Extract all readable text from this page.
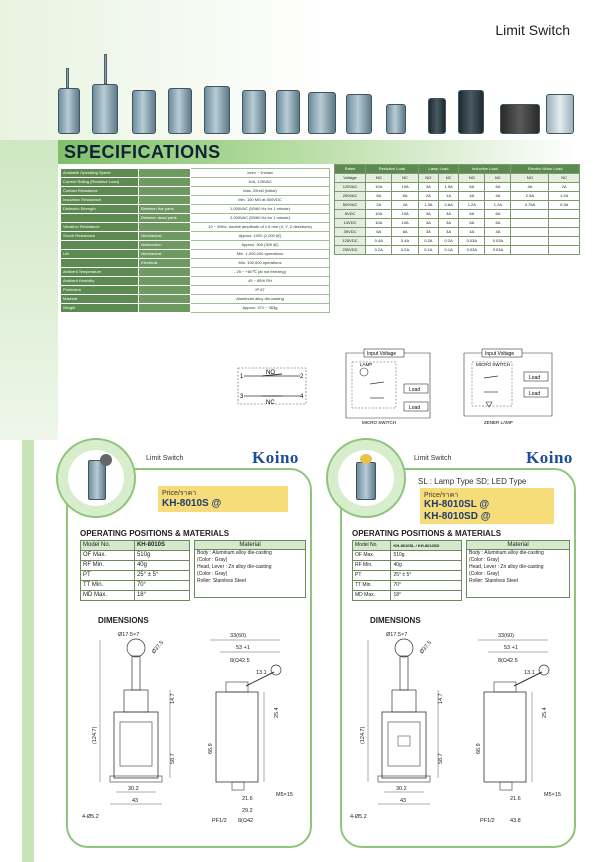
Limit Switch
SPECIFICATIONS
Available Operating Speed		1mm ~ 1m/sec
Current Rating (Resistive Load)		10A, 125VAC
Contact Resistance		Max. 25mΩ (initial)
Insulation Resistance		Min. 100 MΩ at 500VDC
Dielectric Strength	Between live parts	1,000VAC (50/60 Hz for 1 minute)
	Between dead parts	2,000VAC (50/60 Hz for 1 minute)
Vibration Resistance		10 ~ 55Hz, double amplitude of 1.5 mm (X, Y, Z directions)
Shock Resistance	Mechanical	Approx. 1000 (1,000 ㎨)
	Malfunction	Approx. 300 (300 ㎨)
Life	Mechanical	Min. 1,000,000 operations
	Electrical	Min. 100,000 operations
Ambient Temperature		- 25 ~ +80℃ (at not freezing)
Ambient Humidity		45 ~ 85% RH
Protection		IP 67
Material		Aluminum alloy die-casting
Weight		Approx. 371 ~ 363g
Rated	Resistive Load		Lamp Load		Inductive Load		Electric Motor Load	
Voltage	NO	NC	NO	NC	NO	NC	NO	NC
125VAC	10A	10A	3A	1.5A	6A	6A	4A	2A
250VAC	6A	6A	2A	1A	4A	4A	2.5A	1.2A
500VAC	2A	2A	1.3A	0.6A	1.2A	1.2A	0.75A	0.3A
8VDC	10A	10A	3A	3A	6A	6A		
14VDC	10A	10A	3A	3A	6A	6A		
30VDC	6A	6A	3A	3A	4A	4A		
125VDC	0.4A	0.4A	0.2A	0.2A	0.03A	0.03A		
250VDC	0.2A	0.2A	0.1A	0.1A	0.03A	0.03A		
NO
NC
1	2
3	4
Input Voltage
LAMP
Load
Load
MICRO SWITCH
Input Voltage
MICRO SWITCH
Load
Load
ZENER LAMP
Limit Switch	Koino
Price/ราคา
KH-8010S @
OPERATING POSITIONS & MATERIALS
Model No.	KH-8010S
OF Max.	510g
RF Min.	40g
PT	25° ± 5°
TT Min.	70°
MD Max.	18°
Material
Body : Aluminum alloy die-casting
(Color : Gray)
Head, Lever : Zn alloy die-casting
(Color : Gray)
Roller: Stainless Steel
DIMENSIONS
Ø17.5×7
Ø37.5
(124.7)
14.7
58.7
30.2
43
4-Ø5.2
33(60)
53 +1
8(Ω42.5
13.1
25.4
66.9
21.6
29.2
M5×15
PF1/2 8(Ω42
Limit Switch	Koino
SL : Lamp Type SD; LED Type
Price/ราคา
KH-8010SL @
KH-8010SD @
OPERATING POSITIONS & MATERIALS
Model No.	KH-8010SL / KH-8010SD
OF Max.	510g
RF Min.	40g
PT	25° ± 5°
TT Min.	70°
MD Max.	18°
Material
Body : Aluminum alloy die-casting
(Color : Gray)
Head, Lever : Zn alloy die-casting
(Color : Gray)
Roller: Stainless Steel
DIMENSIONS
Ø17.5×7
Ø37.5
(124.7)
14.7
58.7
30.2
43
4-Ø5.2
33(60)
53 +1
8(Ω42.5
13.1
25.4
66.9
21.6
M5×15
PF1/2	43.8
